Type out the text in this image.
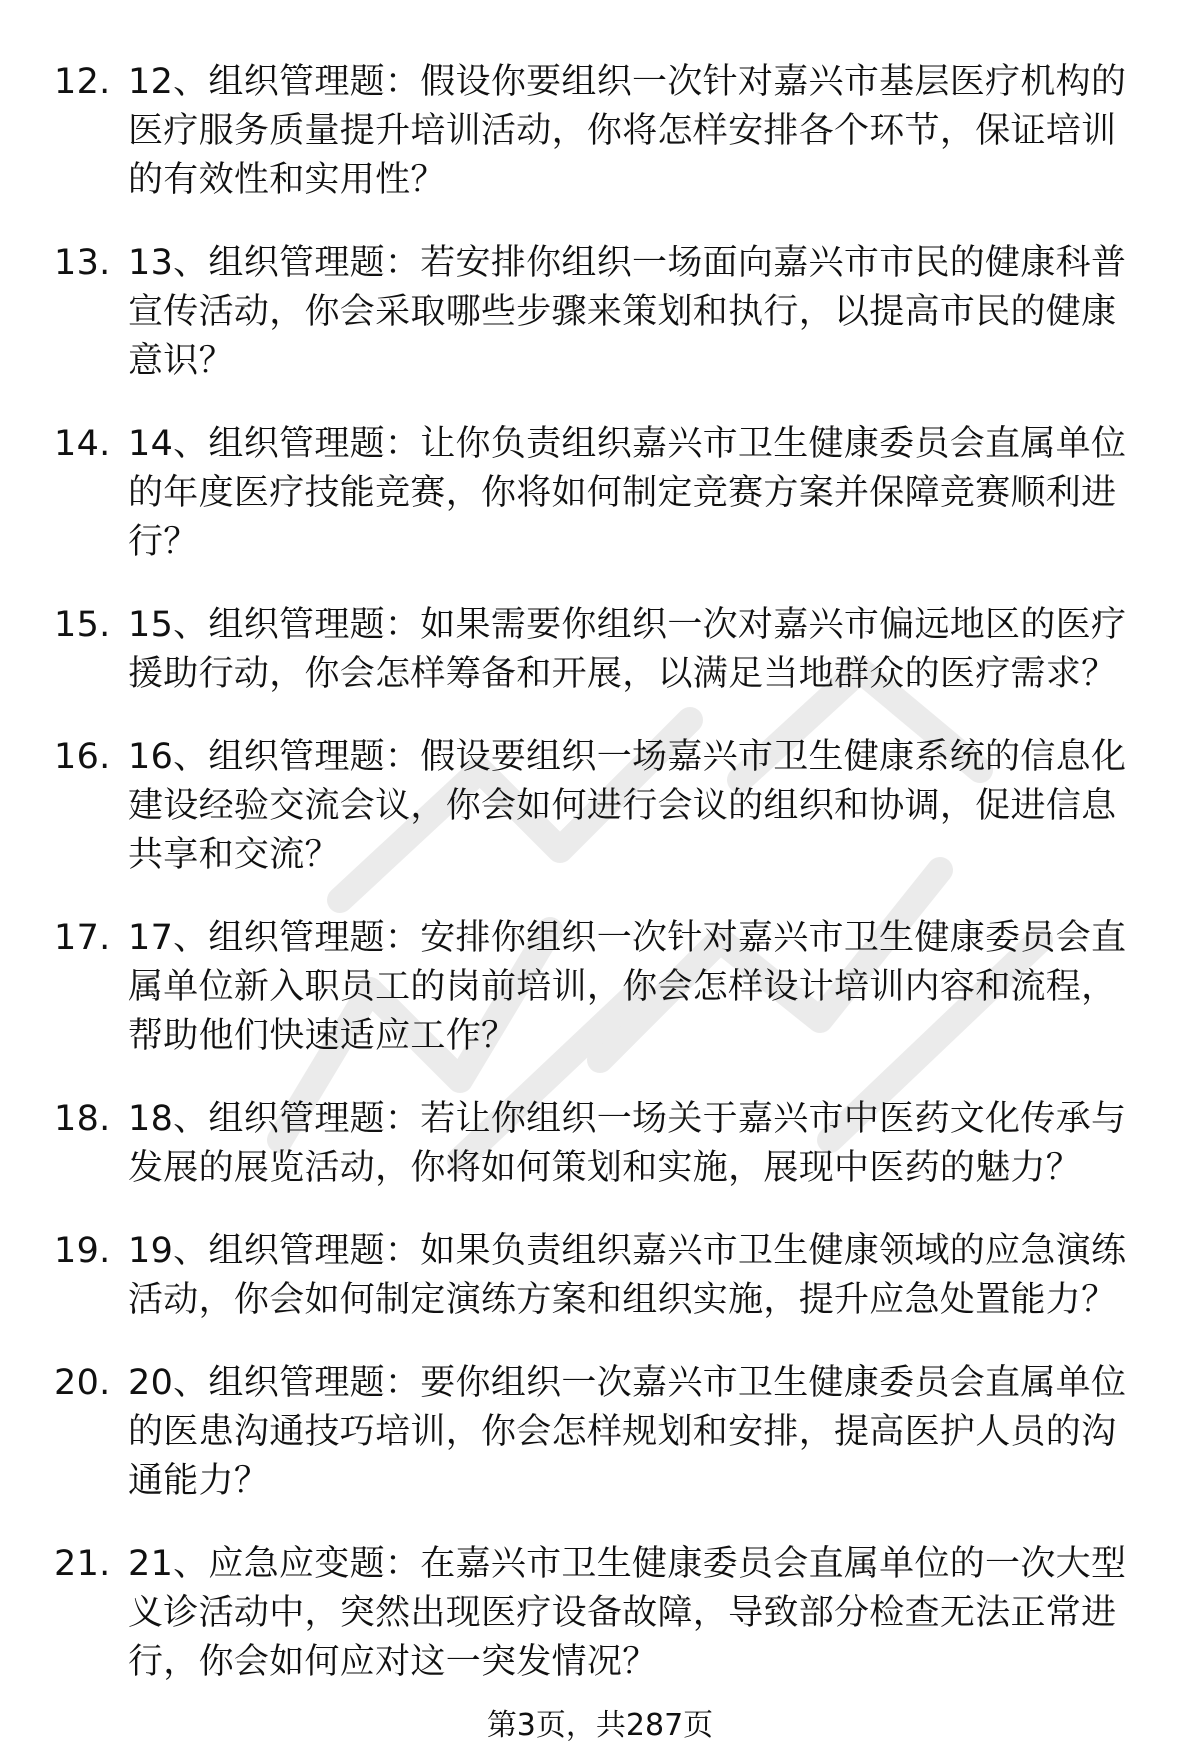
12. 12、组织管理题：假设你要组织一次针对嘉兴市基层医疗机构的医疗服务质量提升培训活动，你将怎样安排各个环节，保证培训的有效性和实用性？
13. 13、组织管理题：若安排你组织一场面向嘉兴市市民的健康科普宣传活动，你会采取哪些步骤来策划和执行，以提高市民的健康意识？
14. 14、组织管理题：让你负责组织嘉兴市卫生健康委员会直属单位的年度医疗技能竞赛，你将如何制定竞赛方案并保障竞赛顺利进行？
15. 15、组织管理题：如果需要你组织一次对嘉兴市偏远地区的医疗援助行动，你会怎样筹备和开展，以满足当地群众的医疗需求？
16. 16、组织管理题：假设要组织一场嘉兴市卫生健康系统的信息化建设经验交流会议，你会如何进行会议的组织和协调，促进信息共享和交流？
17. 17、组织管理题：安排你组织一次针对嘉兴市卫生健康委员会直属单位新入职员工的岗前培训，你会怎样设计培训内容和流程，帮助他们快速适应工作？
18. 18、组织管理题：若让你组织一场关于嘉兴市中医药文化传承与发展的展览活动，你将如何策划和实施，展现中医药的魅力？
19. 19、组织管理题：如果负责组织嘉兴市卫生健康领域的应急演练活动，你会如何制定演练方案和组织实施，提升应急处置能力？
20. 20、组织管理题：要你组织一次嘉兴市卫生健康委员会直属单位的医患沟通技巧培训，你会怎样规划和安排，提高医护人员的沟通能力？
21. 21、应急应变题：在嘉兴市卫生健康委员会直属单位的一次大型义诊活动中，突然出现医疗设备故障，导致部分检查无法正常进行，你会如何应对这一突发情况？
第3页，共287页
